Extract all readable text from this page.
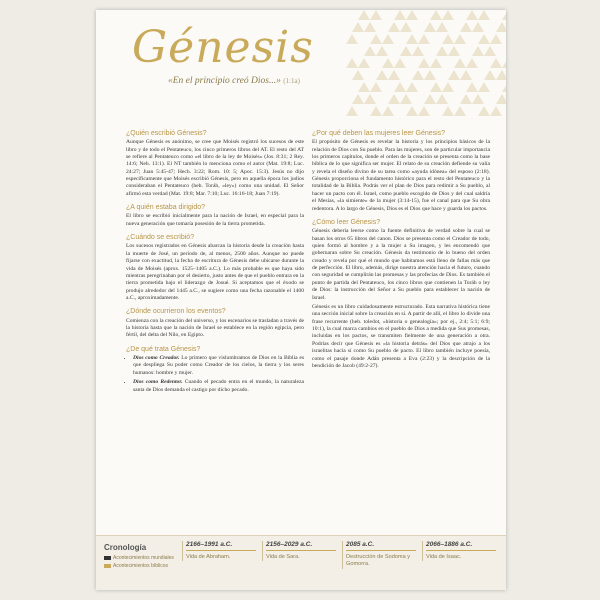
Génesis
«En el principio creó Dios...» (1:1a)
¿Quién escribió Génesis?

Aunque Génesis es anónimo, se cree que Moisés registró los sucesos de este libro y de todo el Pentateuco, los cinco primeros libros del AT. El resto del AT se refiere al Pentateuco como «el libro de la ley de Moisés» (Jos. 8:31; 2 Rey. 14:6; Neh. 13:1). El NT también lo menciona como el autor (Mat. 19:8; Luc. 24:27; Juan 5:45-47; Hech. 3:22; Rom. 10: 5; Apoc. 15:3). Jesús no dijo específicamente que Moisés escribió Génesis, pero en aquella época los judíos consideraban el Pentateuco (heb. Toráh, «ley») como una unidad. El Señor afirmó esta verdad (Mat. 19:8; Mar. 7:10; Luc. 16:16-18; Juan 7:19).

¿A quién estaba dirigido?

El libro se escribió inicialmente para la nación de Israel, en especial para la nueva generación que tomaría posesión de la tierra prometida.

¿Cuándo se escribió?

Los sucesos registrados en Génesis abarcan la historia desde la creación hasta la muerte de José, un período de, al menos, 2500 años. Aunque no puede fijarse con exactitud, la fecha de escritura de Génesis debe ubicarse durante la vida de Moisés (aprox. 1525–1405 a.C.). Lo más probable es que haya sido mientras peregrinaban por el desierto, justo antes de que el pueblo entrara en la tierra prometida bajo el liderazgo de Josué. Si aceptamos que el éxodo se produjo alrededor del 1445 a.C., se sugiere como una fecha razonable el 1400 a.C., aproximadamente.

¿Dónde ocurrieron los eventos?

Comienza con la creación del universo, y los escenarios se trasladan a través de la historia hasta que la nación de Israel se establece en la región egipcia, pero fértil, del delta del Nilo, en Egipto.

¿De qué trata Génesis?
• Dios como Creador. Lo primero que vislumbramos de Dios en la Biblia es que despliega Su poder como Creador de los cielos, la tierra y los seres humanos: hombre y mujer.
• Dios como Redentor. Cuando el pecado entra en el mundo, la naturaleza santa de Dios demanda el castigo por dicho pecado.
¿Por qué deben las mujeres leer Génesis?

El propósito de Génesis es revelar la historia y los principios básicos de la relación de Dios con Su pueblo. Para las mujeres, son de particular importancia los primeros capítulos, donde el orden de la creación se presenta como la base bíblica de lo que significa ser mujer. El relato de su creación defiende su valía y revela el diseño divino de su tarea como «ayuda idónea» del esposo (2:18). Génesis proporciona el fundamento histórico para el resto del Pentateuco y la totalidad de la Biblia. Podrás ver el plan de Dios para redimir a Su pueblo, al hacer un pacto con él. Israel, como pueblo escogido de Dios y del cual saldría el Mesías, «la simiente» de la mujer (3:14-15), fue el canal para que Su obra redentora. A lo largo de Génesis, Dios es el Dios que hace y guarda los pactos.

¿Cómo leer Génesis?

Génesis debería leerse como la fuente definitiva de verdad sobre la cual se basan los otros 65 libros del canon. Dios se presenta como el Creador de todo, quien formó al hombre y a la mujer a Su imagen, y les encomendó que gobernaran sobre Su creación. Génesis da testimonio de lo bueno del orden creado y revela por qué el mundo que habitamos está lleno de fallas más que de perfección. El libro, además, dirige nuestra atención hacia el futuro, cuando con seguridad se cumplirán las promesas y las profecías de Dios. Es también el punto de partida del Pentateuco, los cinco libros que contienen la Toráh o ley de Dios: la instrucción del Señor a Su pueblo para establecer la nación de Israel.

Génesis es un libro cuidadosamente estructurado. Esta narrativa histórica tiene una sección inicial sobre la creación en sí. A partir de allí, el libro lo divide una frase recurrente (heb. toledot, «historia o genealogía»; por ej., 2:4; 5:1; 6:9; 10:1), la cual marca cambios en el pueblo de Dios a medida que Sus promesas, incluidas en los pactos, se transmiten fielmente de una generación a otra. Podrías decir que Génesis es «la historia detrás» del Dios que atrajo a los israelitas hacia sí como Su pueblo de pacto. El libro también incluye poesía, como el pasaje donde Adán presenta a Eva (2:23) y la descripción de la bendición de Jacob (49:2-27).

Cronología
Acontecimientos mundiales
Acontecimientos bíblicos
2166–1991 a.C.
Vida de Abraham.
2156–2029 a.C.
Vida de Sara.
2085 a.C.
Destrucción de Sodoma y Gomorra.
2066–1886 a.C.
Vida de Isaac.
